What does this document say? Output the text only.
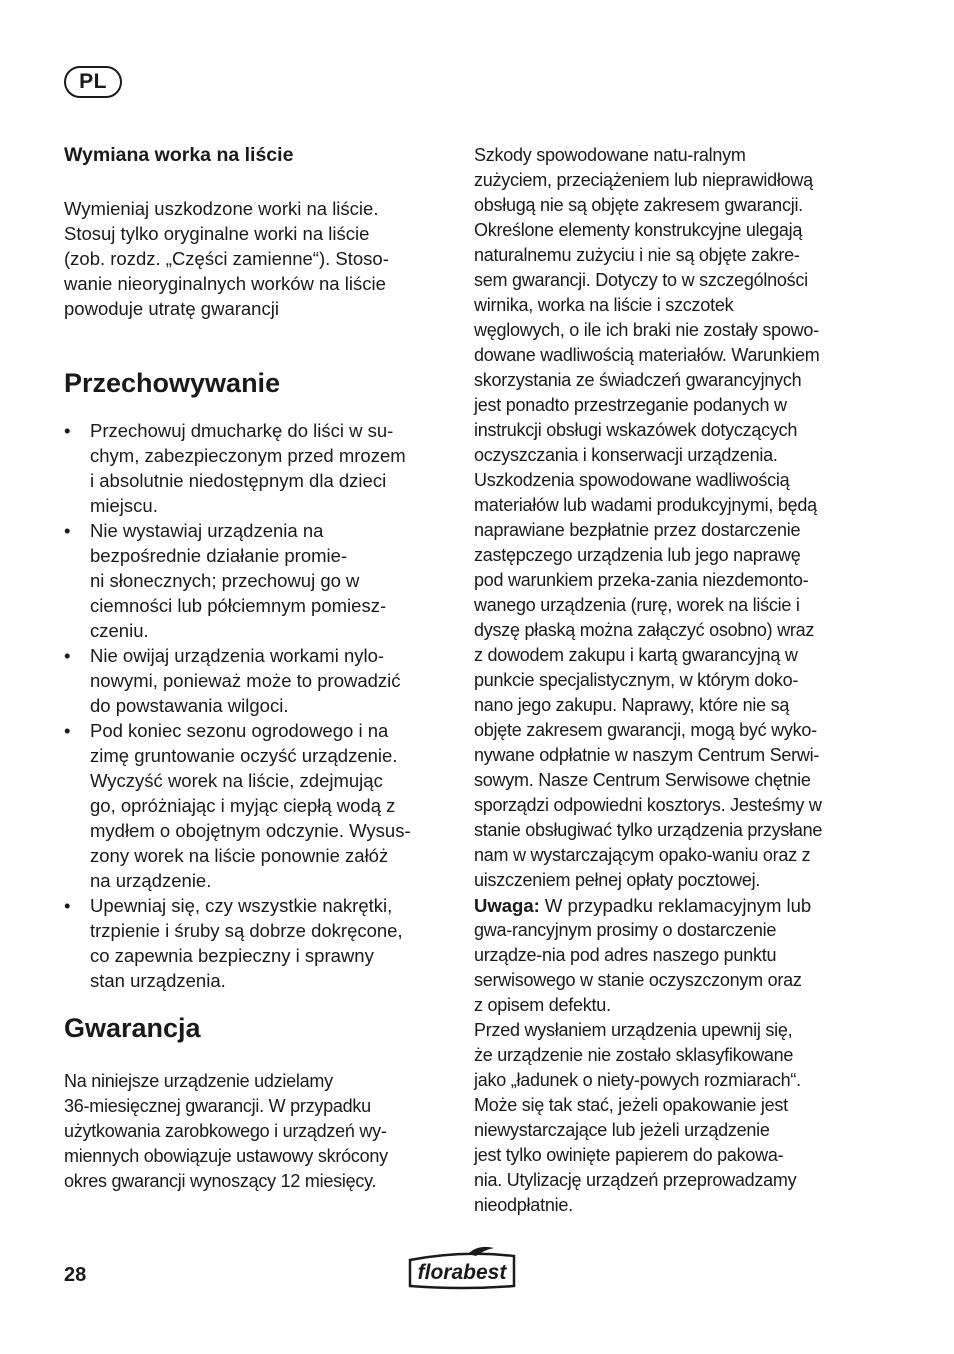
PL
Wymiana worka na liście
Wymieniaj uszkodzone worki na liście.
Stosuj tylko oryginalne worki na liście
(zob. rozdz. „Części zamienne“). Stoso-
wanie nieoryginalnych worków na liście
powoduje utratę gwarancji
Przechowywanie
• Przechowuj dmucharkę do liści w su-
chym, zabezpieczonym przed mrozem
i absolutnie niedostępnym dla dzieci
miejscu.
• Nie wystawiaj urządzenia na
bezpośrednie działanie promie-
ni słonecznych; przechowuj go w
ciemności lub półciemnym pomiesz-
czeniu.
• Nie owijaj urządzenia workami nylo-
nowymi, ponieważ może to prowadzić
do powstawania wilgoci.
• Pod koniec sezonu ogrodowego i na
zimę gruntowanie oczyść urządzenie.
Wyczyść worek na liście, zdejmując
go, opróżniając i myjąc ciepłą wodą z
mydłem o obojętnym odczynie. Wysus-
zony worek na liście ponownie załóż
na urządzenie.
• Upewniaj się, czy wszystkie nakrętki,
trzpienie i śruby są dobrze dokręcone,
co zapewnia bezpieczny i sprawny
stan urządzenia.
Gwarancja
Na niniejsze urządzenie udzielamy
36-miesięcznej gwarancji. W przypadku
użytkowania zarobkowego i urządzeń wy-
miennych obowiązuje ustawowy skrócony
okres gwarancji wynoszący 12 miesięcy.
Szkody spowodowane natu-ralnym
zużyciem, przeciążeniem lub nieprawidłową
obsługą nie są objęte zakresem gwarancji.
Określone elementy konstrukcyjne ulegają
naturalnemu zużyciu i nie są objęte zakre-
sem gwarancji. Dotyczy to w szczególności
wirnika, worka na liście i szczotek
węglowych, o ile ich braki nie zostały spowo-
dowane wadliwością materiałów. Warunkiem
skorzystania ze świadczeń gwarancyjnych
jest ponadto przestrzeganie podanych w
instrukcji obsługi wskazówek dotyczących
oczyszczania i konserwacji urządzenia.
Uszkodzenia spowodowane wadliwością
materiałów lub wadami produkcyjnymi, będą
naprawiane bezpłatnie przez dostarczenie
zastępczego urządzenia lub jego naprawę
pod warunkiem przeka-zania niezdemonto-
wanego urządzenia (rurę, worek na liście i
dyszę płaską można załączyć osobno) wraz
z dowodem zakupu i kartą gwarancyjną w
punkcie specjalistycznym, w którym doko-
nano jego zakupu. Naprawy, które nie są
objęte zakresem gwarancji, mogą być wyko-
nywane odpłatnie w naszym Centrum Serwi-
sowym. Nasze Centrum Serwisowe chętnie
sporządzi odpowiedni kosztorys. Jesteśmy w
stanie obsługiwać tylko urządzenia przysłane
nam w wystarczającym opako-waniu oraz z
uiszczeniem pełnej opłaty pocztowej.
Uwaga: W przypadku reklamacyjnym lub
gwa-rancyjnym prosimy o dostarczenie
urządze-nia pod adres naszego punktu
serwisowego w stanie oczyszczonym oraz
z opisem defektu.
Przed wysłaniem urządzenia upewnij się,
że urządzenie nie zostało sklasyfikowane
jako „ładunek o niety-powych rozmiarach“.
Może się tak stać, jeżeli opakowanie jest
niewystarczające lub jeżeli urządzenie
jest tylko owinięte papierem do pakowa-
nia. Utylizację urządzeń przeprowadzamy
nieodpłatnie.
28	florabest
